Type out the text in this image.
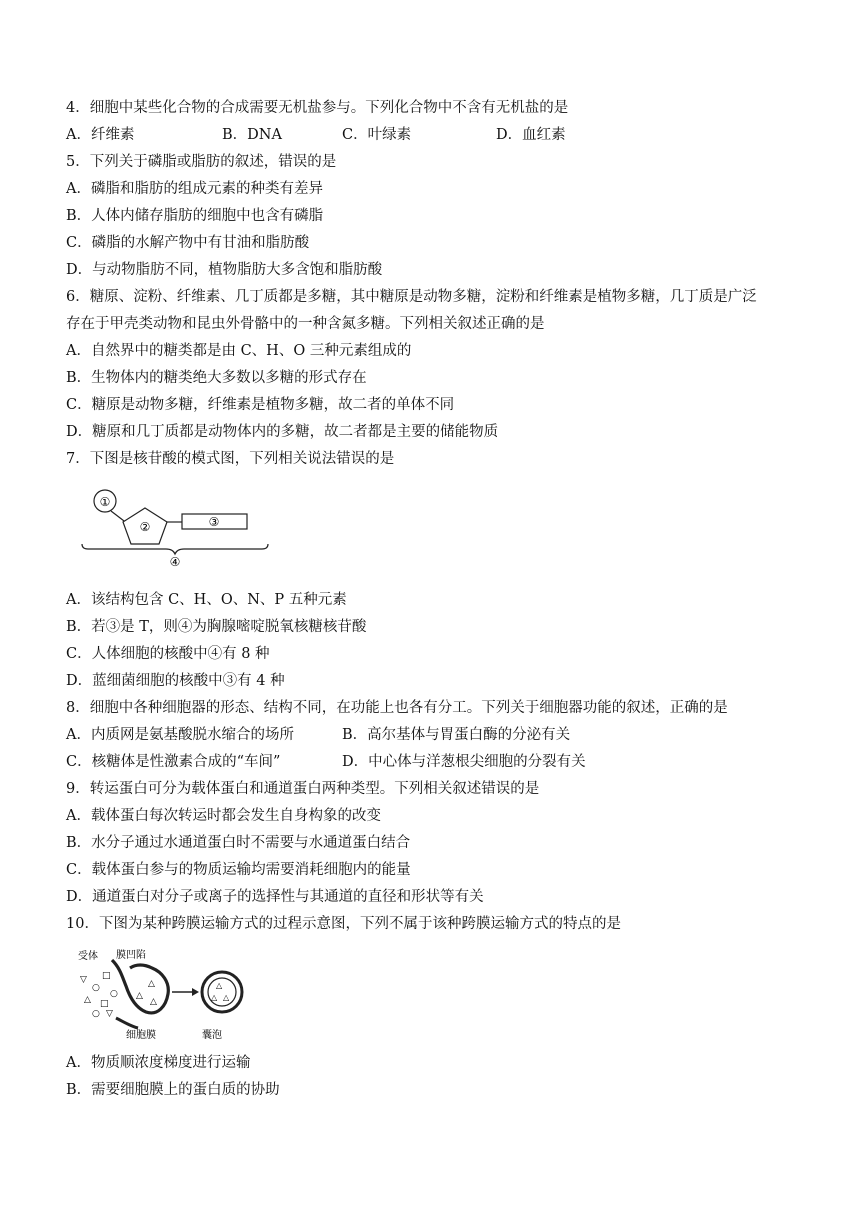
4．细胞中某些化合物的合成需要无机盐参与。下列化合物中不含有无机盐的是
A．纤维素	B．DNA	C．叶绿素	D．血红素
5．下列关于磷脂或脂肪的叙述，错误的是
A．磷脂和脂肪的组成元素的种类有差异
B．人体内储存脂肪的细胞中也含有磷脂
C．磷脂的水解产物中有甘油和脂肪酸
D．与动物脂肪不同，植物脂肪大多含饱和脂肪酸
6．糖原、淀粉、纤维素、几丁质都是多糖，其中糖原是动物多糖，淀粉和纤维素是植物多糖，几丁质是广泛
存在于甲壳类动物和昆虫外骨骼中的一种含氮多糖。下列相关叙述正确的是
A．自然界中的糖类都是由 C、H、O 三种元素组成的
B．生物体内的糖类绝大多数以多糖的形式存在
C．糖原是动物多糖，纤维素是植物多糖，故二者的单体不同
D．糖原和几丁质都是动物体内的多糖，故二者都是主要的储能物质
7．下图是核苷酸的模式图，下列相关说法错误的是
①
②	③
④
A．该结构包含 C、H、O、N、P 五种元素
B．若③是 T，则④为胸腺嘧啶脱氧核糖核苷酸
C．人体细胞的核酸中④有 8 种
D．蓝细菌细胞的核酸中③有 4 种
8．细胞中各种细胞器的形态、结构不同，在功能上也各有分工。下列关于细胞器功能的叙述，正确的是
A．内质网是氨基酸脱水缩合的场所	B．高尔基体与胃蛋白酶的分泌有关
C．核糖体是性激素合成的“车间”	D．中心体与洋葱根尖细胞的分裂有关
9．转运蛋白可分为载体蛋白和通道蛋白两种类型。下列相关叙述错误的是
A．载体蛋白每次转运时都会发生自身构象的改变
B．水分子通过水通道蛋白时不需要与水通道蛋白结合
C．载体蛋白参与的物质运输均需要消耗细胞内的能量
D．通道蛋白对分子或离子的选择性与其通道的直径和形状等有关
10．下图为某种跨膜运输方式的过程示意图，下列不属于该种跨膜运输方式的特点的是
受体 膜凹陷
细胞膜	囊泡
△
△
△
▽
○
□
△ □
○
▽
○
△
△ △
A．物质顺浓度梯度进行运输
B．需要细胞膜上的蛋白质的协助
